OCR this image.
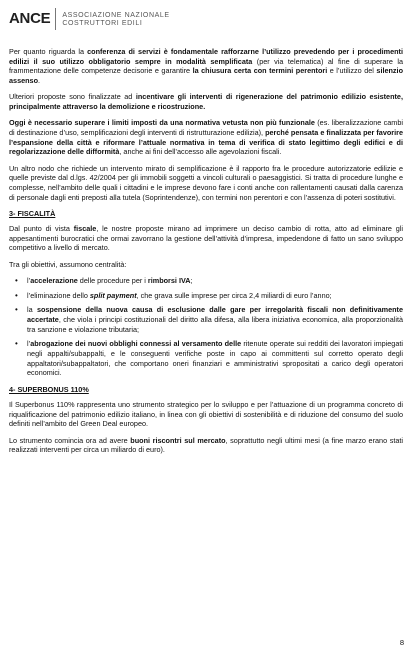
ANCE ASSOCIAZIONE NAZIONALE
COSTRUTTORI EDILI

Per quanto riguarda la conferenza di servizi è fondamentale rafforzarne l’utilizzo prevedendo per i procedimenti edilizi il suo utilizzo obbligatorio sempre in modalità semplificata (per via telematica) al fine di superare la frammentazione delle competenze decisorie e garantire la chiusura certa con termini perentori e l’utilizzo del silenzio assenso.

Ulteriori proposte sono finalizzate ad incentivare gli interventi di rigenerazione del patrimonio edilizio esistente, principalmente attraverso la demolizione e ricostruzione.

Oggi è necessario superare i limiti imposti da una normativa vetusta non più funzionale (es. liberalizzazione cambi di destinazione d’uso, semplificazioni degli interventi di ristrutturazione edilizia), perché pensata e finalizzata per favorire l’espansione della città e riformare l’attuale normativa in tema di verifica di stato legittimo degli edifici e di regolarizzazione delle difformità, anche ai fini dell’accesso alle agevolazioni fiscali.

Un altro nodo che richiede un intervento mirato di semplificazione è il rapporto fra le procedure autorizzatorie edilizie e quelle previste dal d.lgs. 42/2004 per gli immobili soggetti a vincoli culturali o paesaggistici. Si tratta di procedure lunghe e complesse, nell’ambito delle quali i cittadini e le imprese devono fare i conti anche con rallentamenti causati dalla carenza di personale dagli enti preposti alla tutela (Soprintendenze), con termini non perentori e con l’assenza di poteri sostitutivi.

3- FISCALITÀ

Dal punto di vista fiscale, le nostre proposte mirano ad imprimere un deciso cambio di rotta, atto ad eliminare gli appesantimenti burocratici che ormai zavorrano la gestione dell’attività d’impresa, impedendone di fatto un sano sviluppo competitivo a livello di mercato.

Tra gli obiettivi, assumono centralità:

• l’accelerazione delle procedure per i rimborsi IVA;
• l’eliminazione dello split payment, che grava sulle imprese per circa 2,4 miliardi di euro l’anno;
• la sospensione della nuova causa di esclusione dalle gare per irregolarità fiscali non definitivamente accertate, che viola i principi costituzionali del diritto alla difesa, alla libera iniziativa economica, alla proporzionalità tra sanzione e violazione tributaria;
• l’abrogazione dei nuovi obblighi connessi al versamento delle ritenute operate sui redditi dei lavoratori impiegati negli appalti/subappalti, e le conseguenti verifiche poste in capo ai committenti sul corretto operato degli appaltatori/subappaltatori, che comportano oneri finanziari e amministrativi spropositati a carico degli operatori economici.

4- SUPERBONUS 110%

Il Superbonus 110% rappresenta uno strumento strategico per lo sviluppo e per l’attuazione di un programma concreto di riqualificazione del patrimonio edilizio italiano, in linea con gli obiettivi di sostenibilità e di riduzione del consumo del suolo definiti nell’ambito del Green Deal europeo.

Lo strumento comincia ora ad avere buoni riscontri sul mercato, soprattutto negli ultimi mesi (a fine marzo erano stati realizzati interventi per circa un miliardo di euro).

8
